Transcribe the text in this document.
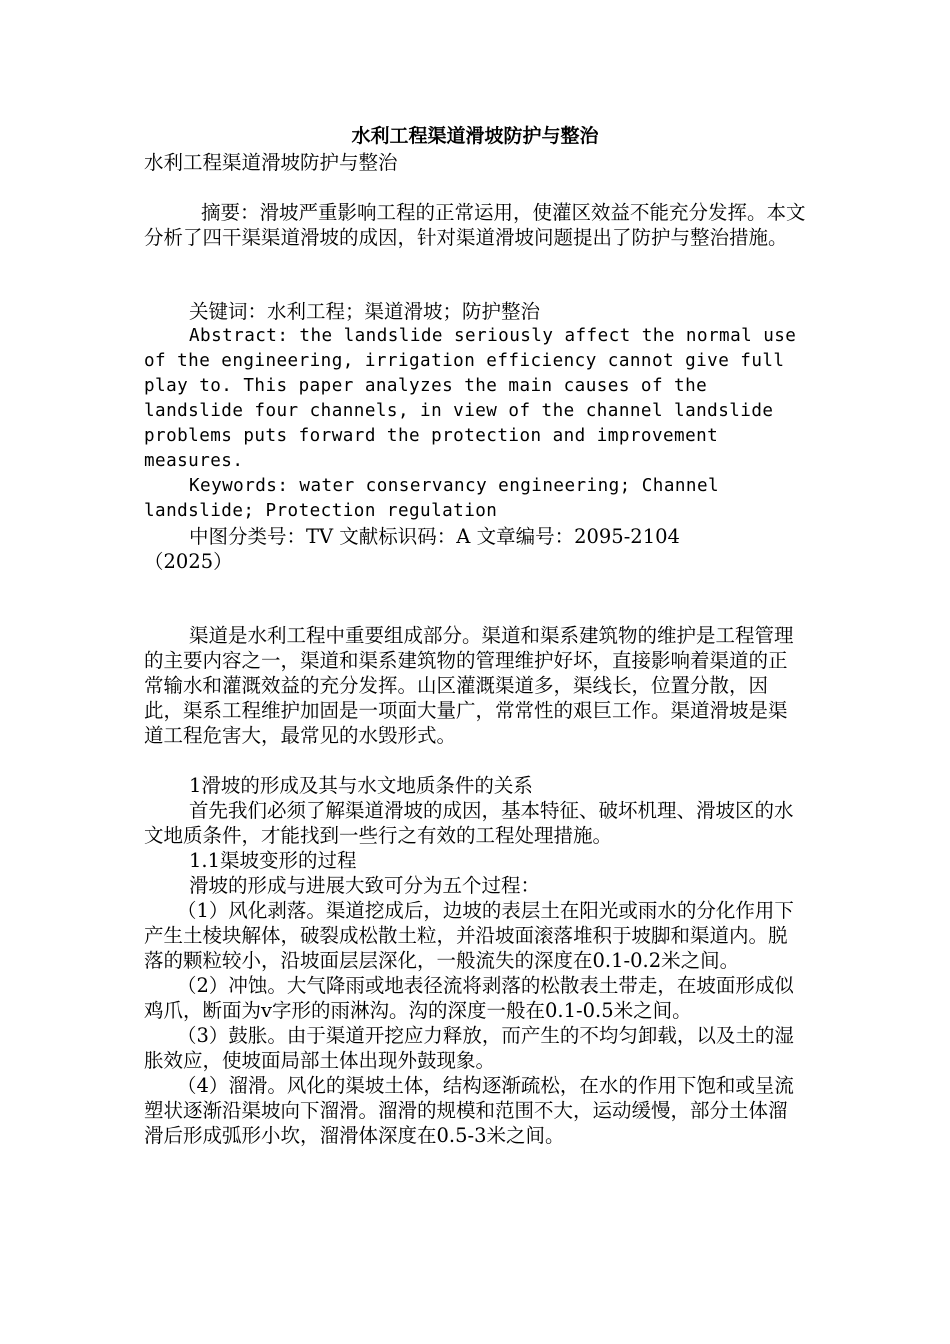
水利工程渠道滑坡防护与整治
水利工程渠道滑坡防护与整治

摘要：滑坡严重影响工程的正常运用，使灌区效益不能充分发挥。本文分析了四干渠渠道滑坡的成因，针对渠道滑坡问题提出了防护与整治措施。

关键词：水利工程；渠道滑坡；防护整治

Abstract: the landslide seriously affect the normal use of the engineering, irrigation efficiency cannot give full play to. This paper analyzes the main causes of the landslide four channels, in view of the channel landslide problems puts forward the protection and improvement measures.

Keywords: water conservancy engineering; Channel landslide; Protection regulation

中图分类号：TV 文献标识码：A 文章编号：2095-2104（2025）

渠道是水利工程中重要组成部分。渠道和渠系建筑物的维护是工程管理的主要内容之一，渠道和渠系建筑物的管理维护好坏，直接影响着渠道的正常输水和灌溉效益的充分发挥。山区灌溉渠道多，渠线长，位置分散，因此，渠系工程维护加固是一项面大量广，常常性的艰巨工作。渠道滑坡是渠道工程危害大，最常见的水毁形式。

1滑坡的形成及其与水文地质条件的关系

首先我们必须了解渠道滑坡的成因，基本特征、破坏机理、滑坡区的水文地质条件，才能找到一些行之有效的工程处理措施。

1.1渠坡变形的过程

滑坡的形成与进展大致可分为五个过程：

（1）风化剥落。渠道挖成后，边坡的表层土在阳光或雨水的分化作用下产生土棱块解体，破裂成松散土粒，并沿坡面滚落堆积于坡脚和渠道内。脱落的颗粒较小，沿坡面层层深化，一般流失的深度在0.1-0.2米之间。

（2）冲蚀。大气降雨或地表径流将剥落的松散表土带走，在坡面形成似鸡爪，断面为v字形的雨淋沟。沟的深度一般在0.1-0.5米之间。

（3）鼓胀。由于渠道开挖应力释放，而产生的不均匀卸载，以及土的湿胀效应，使坡面局部土体出现外鼓现象。

（4）溜滑。风化的渠坡土体，结构逐渐疏松，在水的作用下饱和或呈流塑状逐渐沿渠坡向下溜滑。溜滑的规模和范围不大，运动缓慢，部分土体溜滑后形成弧形小坎，溜滑体深度在0.5-3米之间。
